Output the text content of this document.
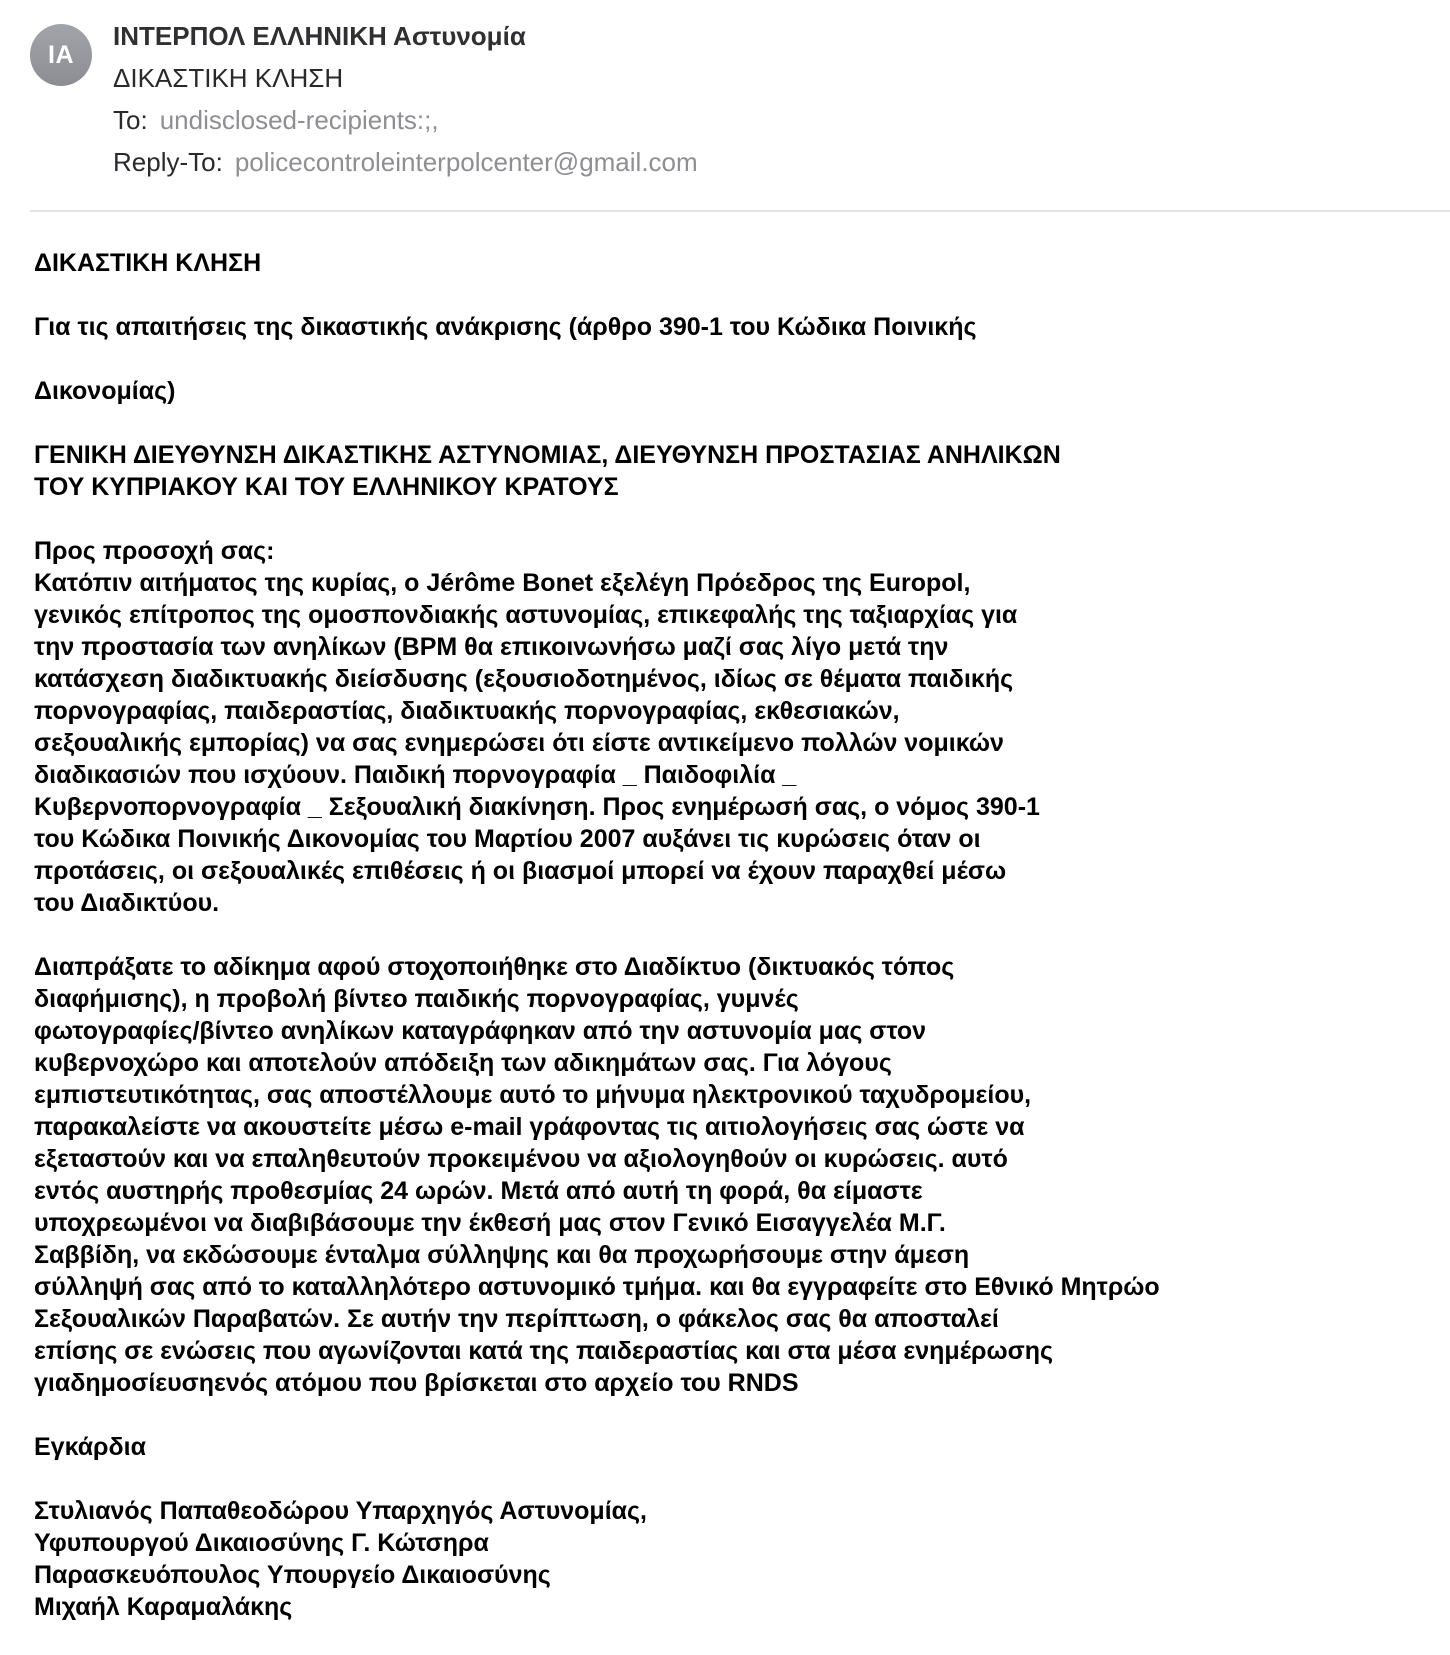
IA
ΙΝΤΕΡΠΟΛ ΕΛΛΗΝΙΚΗ Αστυνομία
ΔΙΚΑΣΤΙΚΗ ΚΛΗΣΗ
To: undisclosed-recipients:;,
Reply-To: policecontroleinterpolcenter@gmail.com
ΔΙΚΑΣΤΙΚΗ ΚΛΗΣΗ
Για τις απαιτήσεις της δικαστικής ανάκρισης (άρθρο 390-1 του Κώδικα Ποινικής
Δικονομίας)
ΓΕΝΙΚΗ ΔΙΕΥΘΥΝΣΗ ΔΙΚΑΣΤΙΚΗΣ ΑΣΤΥΝΟΜΙΑΣ, ΔΙΕΥΘΥΝΣΗ ΠΡΟΣΤΑΣΙΑΣ ΑΝΗΛΙΚΩΝ
ΤΟΥ ΚΥΠΡΙΑΚΟΥ ΚΑΙ ΤΟΥ ΕΛΛΗΝΙΚΟΥ ΚΡΑΤΟΥΣ
Προς προσοχή σας:
Κατόπιν αιτήματος της κυρίας, ο Jérôme Bonet εξελέγη Πρόεδρος της Europol,
γενικός επίτροπος της ομοσπονδιακής αστυνομίας, επικεφαλής της ταξιαρχίας για
την προστασία των ανηλίκων (BPM θα επικοινωνήσω μαζί σας λίγο μετά την
κατάσχεση διαδικτυακής διείσδυσης (εξουσιοδοτημένος, ιδίως σε θέματα παιδικής
πορνογραφίας, παιδεραστίας, διαδικτυακής πορνογραφίας, εκθεσιακών,
σεξουαλικής εμπορίας) να σας ενημερώσει ότι είστε αντικείμενο πολλών νομικών
διαδικασιών που ισχύουν. Παιδική πορνογραφία _ Παιδοφιλία _
Κυβερνοπορνογραφία _ Σεξουαλική διακίνηση. Προς ενημέρωσή σας, ο νόμος 390-1
του Κώδικα Ποινικής Δικονομίας του Μαρτίου 2007 αυξάνει τις κυρώσεις όταν οι
προτάσεις, οι σεξουαλικές επιθέσεις ή οι βιασμοί μπορεί να έχουν παραχθεί μέσω
του Διαδικτύου.
Διαπράξατε το αδίκημα αφού στοχοποιήθηκε στο Διαδίκτυο (δικτυακός τόπος
διαφήμισης), η προβολή βίντεο παιδικής πορνογραφίας, γυμνές
φωτογραφίες/βίντεο ανηλίκων καταγράφηκαν από την αστυνομία μας στον
κυβερνοχώρο και αποτελούν απόδειξη των αδικημάτων σας. Για λόγους
εμπιστευτικότητας, σας αποστέλλουμε αυτό το μήνυμα ηλεκτρονικού ταχυδρομείου,
παρακαλείστε να ακουστείτε μέσω e-mail γράφοντας τις αιτιολογήσεις σας ώστε να
εξεταστούν και να επαληθευτούν προκειμένου να αξιολογηθούν οι κυρώσεις. αυτό
εντός αυστηρής προθεσμίας 24 ωρών. Μετά από αυτή τη φορά, θα είμαστε
υποχρεωμένοι να διαβιβάσουμε την έκθεσή μας στον Γενικό Εισαγγελέα Μ.Γ.
Σαββίδη, να εκδώσουμε ένταλμα σύλληψης και θα προχωρήσουμε στην άμεση
σύλληψή σας από το καταλληλότερο αστυνομικό τμήμα. και θα εγγραφείτε στο Εθνικό Μητρώο
Σεξουαλικών Παραβατών. Σε αυτήν την περίπτωση, ο φάκελος σας θα αποσταλεί
επίσης σε ενώσεις που αγωνίζονται κατά της παιδεραστίας και στα μέσα ενημέρωσης
γιαδημοσίευσηενός ατόμου που βρίσκεται στο αρχείο του RNDS
Εγκάρδια
Στυλιανός Παπαθεοδώρου Υπαρχηγός Αστυνομίας,
Υφυπουργού Δικαιοσύνης Γ. Κώτσηρα
Παρασκευόπουλος Υπουργείο Δικαιοσύνης
Μιχαήλ Καραμαλάκης
